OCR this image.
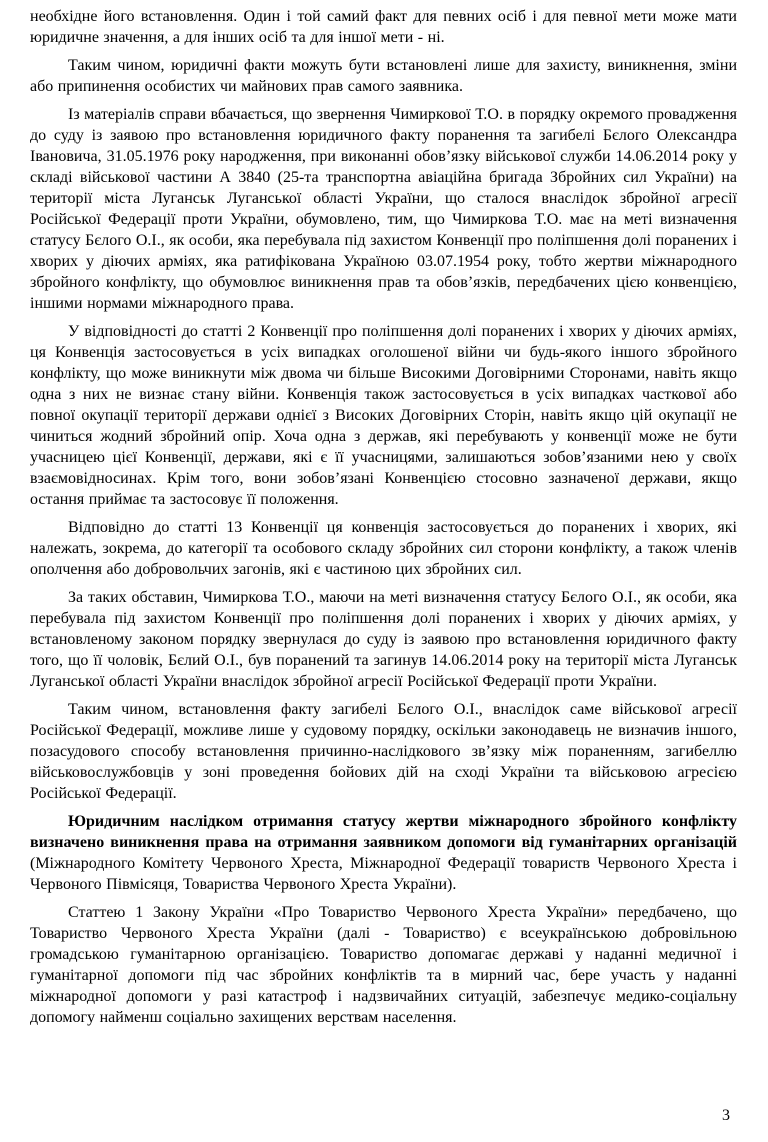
необхідне його встановлення. Один і той самий факт для певних осіб і для певної мети може мати юридичне значення, а для інших осіб та для іншої мети - ні.

Таким чином, юридичні факти можуть бути встановлені лише для захисту, виникнення, зміни або припинення особистих чи майнових прав самого заявника.

Із матеріалів справи вбачається, що звернення Чимиркової Т.О. в порядку окремого провадження до суду із заявою про встановлення юридичного факту поранення та загибелі Бєлого Олександра Івановича, 31.05.1976 року народження, при виконанні обов’язку військової служби 14.06.2014 року у складі військової частини А 3840 (25-та транспортна авіаційна бригада Збройних сил України) на території міста Луганськ Луганської області України, що сталося внаслідок збройної агресії Російської Федерації проти України, обумовлено, тим, що Чимиркова Т.О. має на меті визначення статусу Бєлого О.І., як особи, яка перебувала під захистом Конвенції про поліпшення долі поранених і хворих у діючих арміях, яка ратифікована Україною 03.07.1954 року, тобто жертви міжнародного збройного конфлікту, що обумовлює виникнення прав та обов’язків, передбачених цією конвенцією, іншими нормами міжнародного права.

У відповідності до статті 2 Конвенції про поліпшення долі поранених і хворих у діючих арміях, ця Конвенція застосовується в усіх випадках оголошеної війни чи будь-якого іншого збройного конфлікту, що може виникнути між двома чи більше Високими Договірними Сторонами, навіть якщо одна з них не визнає стану війни. Конвенція також застосовується в усіх випадках часткової або повної окупації території держави однієї з Високих Договірних Сторін, навіть якщо цій окупації не чиниться жодний збройний опір. Хоча одна з держав, які перебувають у конвенції може не бути учасницею цієї Конвенції, держави, які є її учасницями, залишаються зобов’язаними нею у своїх взаємовідносинах. Крім того, вони зобов’язані Конвенцією стосовно зазначеної держави, якщо остання приймає та застосовує її положення.

Відповідно до статті 13 Конвенції ця конвенція застосовується до поранених і хворих, які належать, зокрема, до категорії та особового складу збройних сил сторони конфлікту, а також членів ополчення або добровольчих загонів, які є частиною цих збройних сил.

За таких обставин, Чимиркова Т.О., маючи на меті визначення статусу Бєлого О.І., як особи, яка перебувала під захистом Конвенції про поліпшення долі поранених і хворих у діючих арміях, у встановленому законом порядку звернулася до суду із заявою про встановлення юридичного факту того, що її чоловік, Бєлий О.І., був поранений та загинув 14.06.2014 року на території міста Луганськ Луганської області України внаслідок збройної агресії Російської Федерації проти України.

Таким чином, встановлення факту загибелі Бєлого О.І., внаслідок саме військової агресії Російської Федерації, можливе лише у судовому порядку, оскільки законодавець не визначив іншого, позасудового способу встановлення причинно-наслідкового зв’язку між пораненням, загибеллю військовослужбовців у зоні проведення бойових дій на сході України та військовою агресією Російської Федерації.

Юридичним наслідком отримання статусу жертви міжнародного збройного конфлікту визначено виникнення права на отримання заявником допомоги від гуманітарних організацій (Міжнародного Комітету Червоного Хреста, Міжнародної Федерації товариств Червоного Хреста і Червоного Півмісяця, Товариства Червоного Хреста України).

Статтею 1 Закону України «Про Товариство Червоного Хреста України» передбачено, що Товариство Червоного Хреста України (далі - Товариство) є всеукраїнською добровільною громадською гуманітарною організацією. Товариство допомагає державі у наданні медичної і гуманітарної допомоги під час збройних конфліктів та в мирний час, бере участь у наданні міжнародної допомоги у разі катастроф і надзвичайних ситуацій, забезпечує медико-соціальну допомогу найменш соціально захищених верствам населення.

3
